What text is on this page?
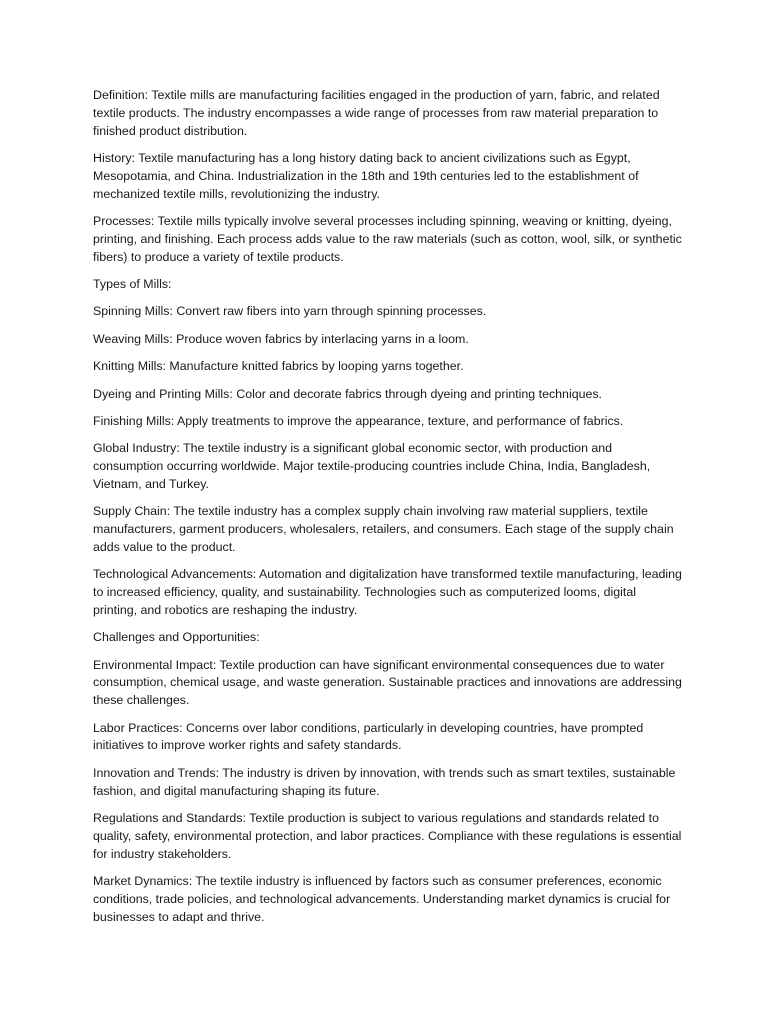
Definition: Textile mills are manufacturing facilities engaged in the production of yarn, fabric, and related textile products. The industry encompasses a wide range of processes from raw material preparation to finished product distribution.

History: Textile manufacturing has a long history dating back to ancient civilizations such as Egypt, Mesopotamia, and China. Industrialization in the 18th and 19th centuries led to the establishment of mechanized textile mills, revolutionizing the industry.

Processes: Textile mills typically involve several processes including spinning, weaving or knitting, dyeing, printing, and finishing. Each process adds value to the raw materials (such as cotton, wool, silk, or synthetic fibers) to produce a variety of textile products.

Types of Mills:

Spinning Mills: Convert raw fibers into yarn through spinning processes.

Weaving Mills: Produce woven fabrics by interlacing yarns in a loom.

Knitting Mills: Manufacture knitted fabrics by looping yarns together.

Dyeing and Printing Mills: Color and decorate fabrics through dyeing and printing techniques.

Finishing Mills: Apply treatments to improve the appearance, texture, and performance of fabrics.

Global Industry: The textile industry is a significant global economic sector, with production and consumption occurring worldwide. Major textile-producing countries include China, India, Bangladesh, Vietnam, and Turkey.

Supply Chain: The textile industry has a complex supply chain involving raw material suppliers, textile manufacturers, garment producers, wholesalers, retailers, and consumers. Each stage of the supply chain adds value to the product.

Technological Advancements: Automation and digitalization have transformed textile manufacturing, leading to increased efficiency, quality, and sustainability. Technologies such as computerized looms, digital printing, and robotics are reshaping the industry.

Challenges and Opportunities:

Environmental Impact: Textile production can have significant environmental consequences due to water consumption, chemical usage, and waste generation. Sustainable practices and innovations are addressing these challenges.

Labor Practices: Concerns over labor conditions, particularly in developing countries, have prompted initiatives to improve worker rights and safety standards.

Innovation and Trends: The industry is driven by innovation, with trends such as smart textiles, sustainable fashion, and digital manufacturing shaping its future.

Regulations and Standards: Textile production is subject to various regulations and standards related to quality, safety, environmental protection, and labor practices. Compliance with these regulations is essential for industry stakeholders.

Market Dynamics: The textile industry is influenced by factors such as consumer preferences, economic conditions, trade policies, and technological advancements. Understanding market dynamics is crucial for businesses to adapt and thrive.
